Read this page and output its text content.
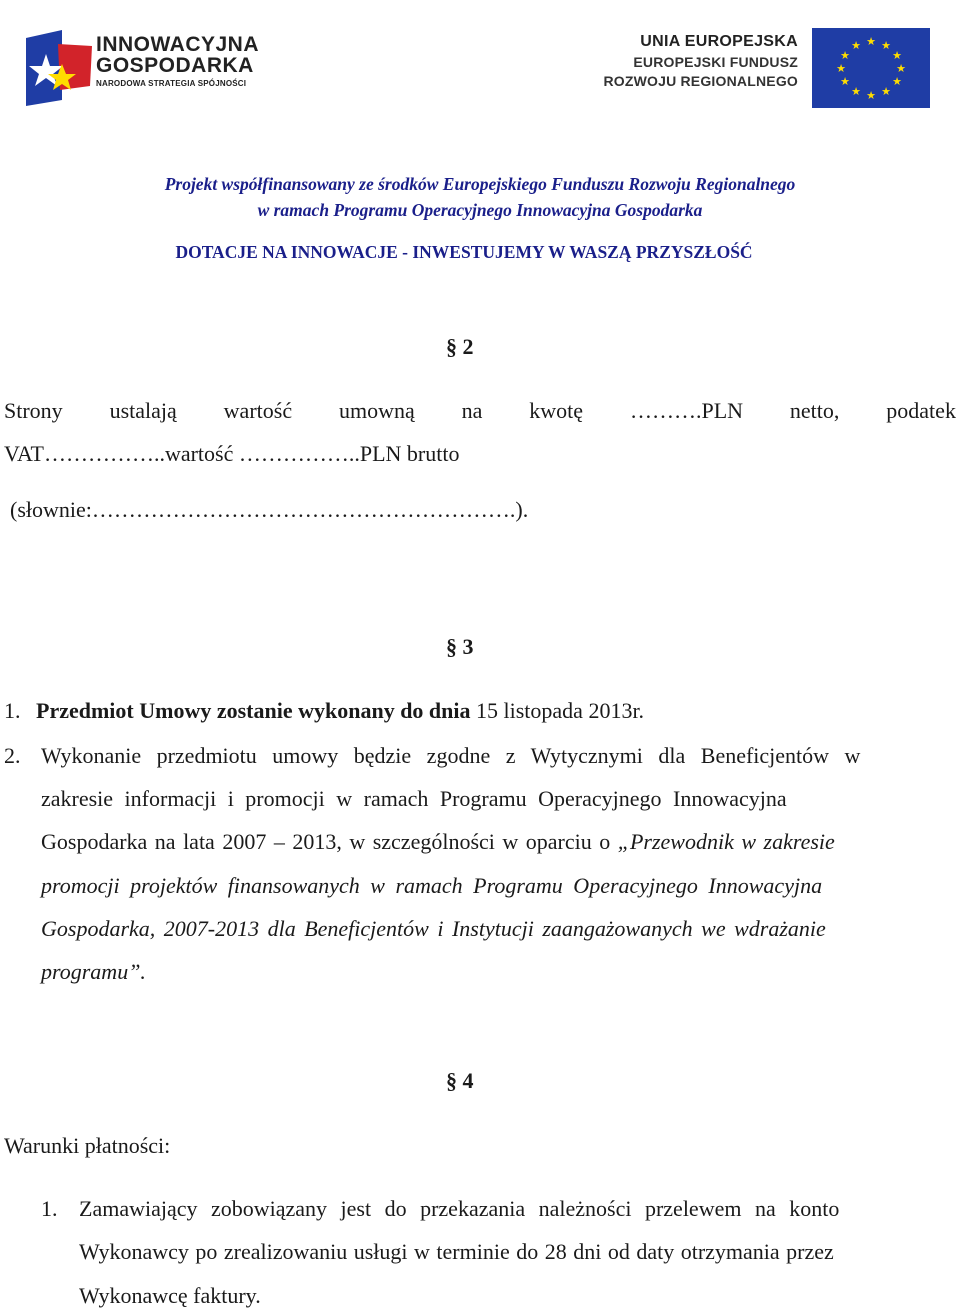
INNOWACYJNA
GOSPODARKA
NARODOWA STRATEGIA SPÓJNOŚCI
UNIA EUROPEJSKA
EUROPEJSKI FUNDUSZ
ROZWOJU REGIONALNEGO
★ ★
★
★
★
★
★
★
★
★
★
★
Projekt współfinansowany ze środków Europejskiego Funduszu Rozwoju Regionalnego
w ramach Programu Operacyjnego Innowacyjna Gospodarka
DOTACJE NA INNOWACJE - INWESTUJEMY W WASZĄ PRZYSZŁOŚĆ
§ 2
Strony ustalają wartość umowną na kwotę ……….PLN netto, podatek
VAT……………..wartość ……………..PLN brutto
(słownie:………………………………………………….).
§ 3
1. Przedmiot Umowy zostanie wykonany do dnia 15 listopada 2013r.
2. Wykonanie przedmiotu umowy będzie zgodne z Wytycznymi dla Beneficjentów w
zakresie informacji i promocji w ramach Programu Operacyjnego Innowacyjna
Gospodarka na lata 2007 – 2013, w szczególności w oparciu o „Przewodnik w zakresie
promocji projektów finansowanych w ramach Programu Operacyjnego Innowacyjna
Gospodarka, 2007-2013 dla Beneficjentów i Instytucji zaangażowanych we wdrażanie
programu”.
§ 4
Warunki płatności:
1. Zamawiający zobowiązany jest do przekazania należności przelewem na konto
Wykonawcy po zrealizowaniu usługi w terminie do 28 dni od daty otrzymania przez
Wykonawcę faktury.
